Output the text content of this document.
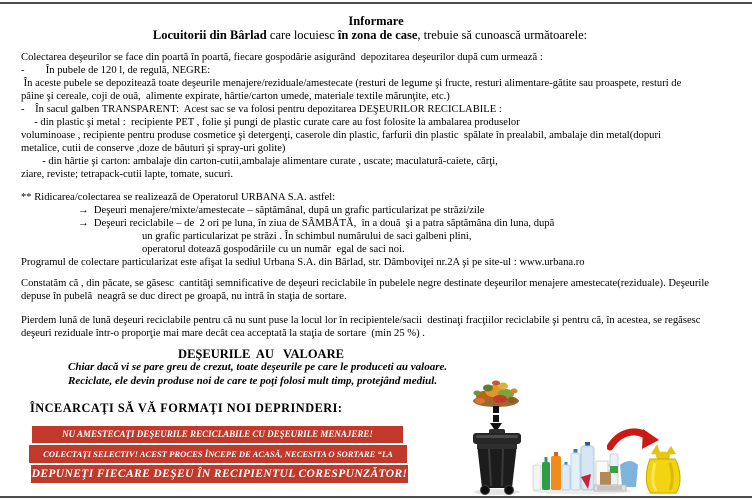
Informare
Locuitorii din Bârlad care locuiesc în zona de case, trebuie să cunoască următoarele:
Colectarea deşeurilor se face din poartă în poartă, fiecare gospodărie asigurând  depozitarea deşeurilor după cum urmează :
-        În pubele de 120 l, de regulă, NEGRE:
În aceste pubele se depozitează toate deşeurile menajere/reziduale/amestecate (resturi de legume şi fructe, resturi alimentare-gătite sau proaspete, resturi de
pâine şi cereale, coji de ouă,  alimente expirate, hârtie/carton umede, materiale textile mărunţite, etc.)
-    În sacul galben TRANSPARENT:  Acest sac se va folosi pentru depozitarea DEŞEURILOR RECICLABILE :
- din plastic şi metal :  recipiente PET , folie şi pungi de plastic curate care au fost folosite la ambalarea produselor
voluminoase , recipiente pentru produse cosmetice şi detergenţi, caserole din plastic, farfurii din plastic  spălate în prealabil, ambalaje din metal(dopuri
metalice, cutii de conserve ,doze de băuturi şi spray-uri golite)
- din hârtie şi carton: ambalaje din carton-cutii,ambalaje alimentare curate , uscate; maculatură-caiete, cărţi,
ziare, reviste; tetrapack-cutii lapte, tomate, sucuri.
** Ridicarea/colectarea se realizează de Operatorul URBANA S.A. astfel:
→  Deşeuri menajere/mixte/amestecate – săptămânal, după un grafic particularizat pe străzi/zile
→  Deşeuri reciclabile – de  2 ori pe luna, în ziua de SÂMBĂTĂ,  în a două  şi a patra săptămâna din luna, după
un grafic particularizat pe străzi . În schimbul numărului de saci galbeni plini,
operatorul dotează gospodăriile cu un număr  egal de saci noi.
Programul de colectare particularizat este afişat la sediul Urbana S.A. din Bârlad, str. Dâmboviţei nr.2A şi pe site-ul : www.urbana.ro
Constatăm că , din păcate, se găsesc  cantităţi semnificative de deşeuri reciclabile în pubelele negre destinate deşeurilor menajere amestecate(reziduale). Deşeurile
depuse în pubelă  neagră se duc direct pe groapă, nu intră în staţia de sortare.
Pierdem lună de lună deşeuri reciclabile pentru că nu sunt puse la locul lor în recipientele/sacii  destinaţi fracţiilor reciclabile şi pentru că, în acestea, se regăsesc
deşeuri reziduale într-o proporţie mai mare decât cea acceptată la staţia de sortare  (min 25 %) .
DEŞEURILE  AU   VALOARE
Chiar dacă vi se pare greu de crezut, toate deşeurile pe care le produceti au valoare.
Reciclate, ele devin produse noi de care te poţi folosi mult timp, protejând mediul.
ÎNCEARCAŢI SĂ VĂ FORMAŢI NOI DEPRINDERI:
NU AMESTECAŢI DEŞEURILE RECICLABILE CU DEŞEURILE MENAJERE!
COLECTAŢI SELECTIV! ACEST PROCES ÎNCEPE DE ACASĂ, NECESITA O SORTARE “LA
DEPUNEŢI FIECARE DEŞEU ÎN RECIPIENTUL CORESPUNZĂTOR!
